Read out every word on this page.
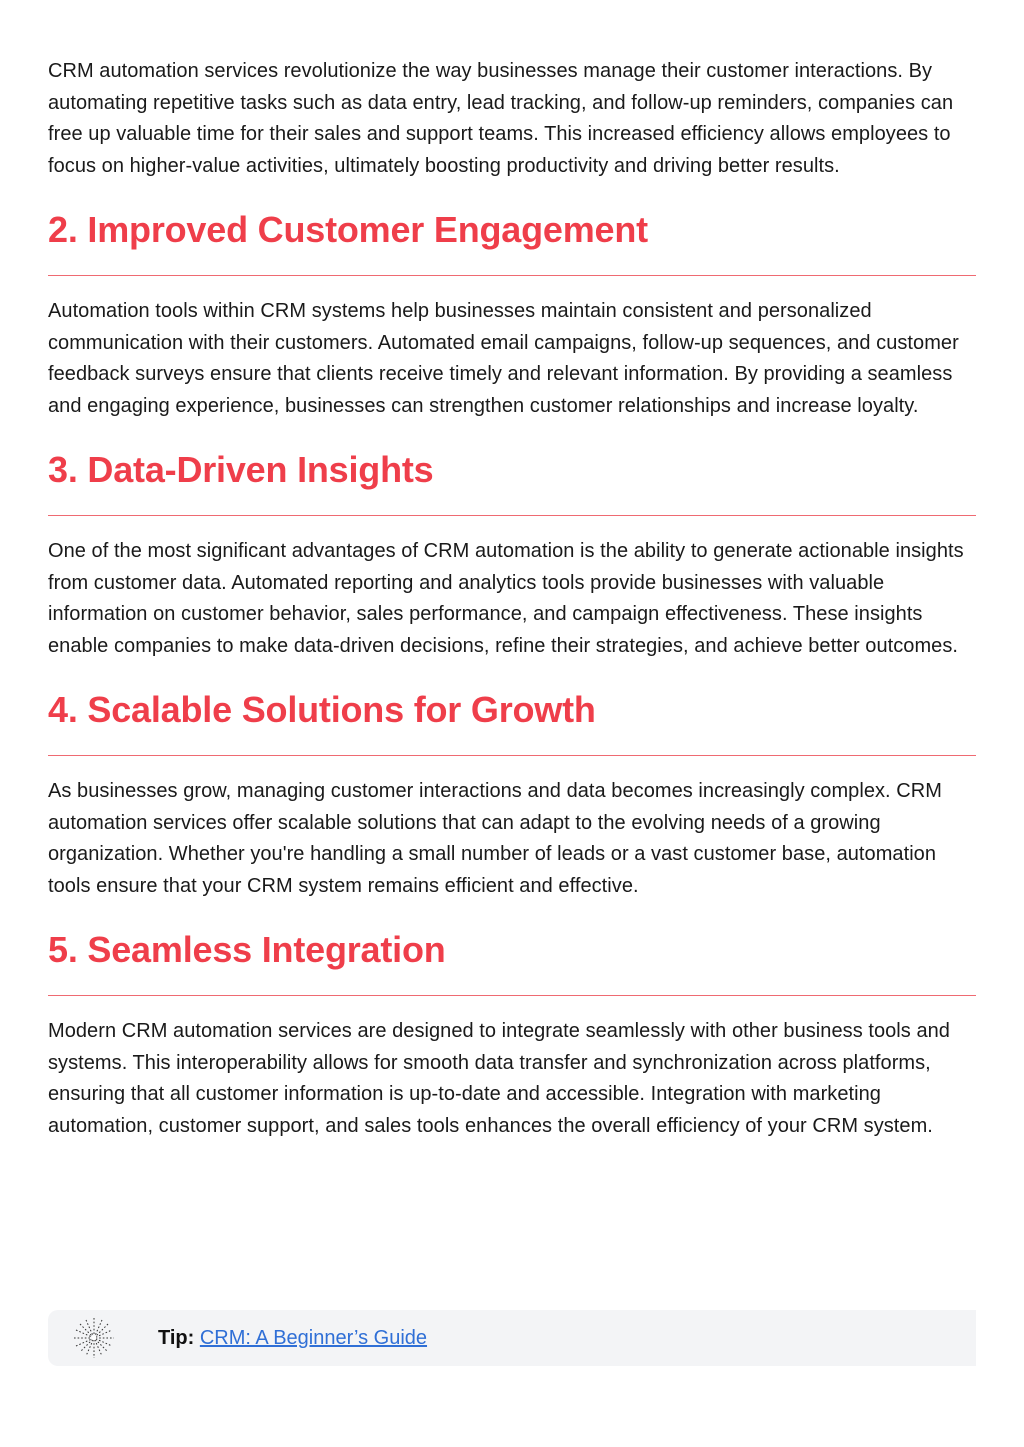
CRM automation services revolutionize the way businesses manage their customer interactions. By automating repetitive tasks such as data entry, lead tracking, and follow-up reminders, companies can free up valuable time for their sales and support teams. This increased efficiency allows employees to focus on higher-value activities, ultimately boosting productivity and driving better results.

2. Improved Customer Engagement

Automation tools within CRM systems help businesses maintain consistent and personalized communication with their customers. Automated email campaigns, follow-up sequences, and customer feedback surveys ensure that clients receive timely and relevant information. By providing a seamless and engaging experience, businesses can strengthen customer relationships and increase loyalty.

3. Data-Driven Insights

One of the most significant advantages of CRM automation is the ability to generate actionable insights from customer data. Automated reporting and analytics tools provide businesses with valuable information on customer behavior, sales performance, and campaign effectiveness. These insights enable companies to make data-driven decisions, refine their strategies, and achieve better outcomes.

4. Scalable Solutions for Growth

As businesses grow, managing customer interactions and data becomes increasingly complex. CRM automation services offer scalable solutions that can adapt to the evolving needs of a growing organization. Whether you're handling a small number of leads or a vast customer base, automation tools ensure that your CRM system remains efficient and effective.

5. Seamless Integration

Modern CRM automation services are designed to integrate seamlessly with other business tools and systems. This interoperability allows for smooth data transfer and synchronization across platforms, ensuring that all customer information is up-to-date and accessible. Integration with marketing automation, customer support, and sales tools enhances the overall efficiency of your CRM system.

Tip: CRM: A Beginner’s Guide
